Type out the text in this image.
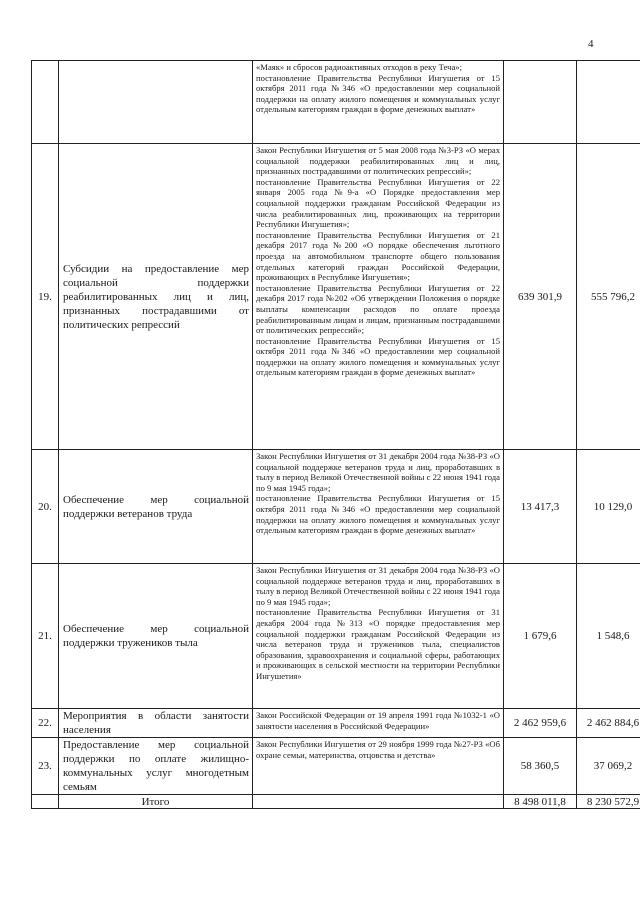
4

		«Маяк» и сбросов радиоактивных отходов в реку Теча»;
постановление Правительства Республики Ингушетия от 15 октября 2011 года №346 «О предоставлении мер социальной поддержки на оплату жилого помещения и коммунальных услуг отдельным категориям граждан в форме денежных выплат»		

19.	Субсидии на предоставление мер социальной поддержки реабилитированных лиц и лиц, признанных пострадавшими от политических репрессий	Закон Республики Ингушетия от 5 мая 2008 года №3-РЗ «О мерах социальной поддержки реабилитированных лиц и лиц, признанных пострадавшими от политических репрессий»;
постановление Правительства Республики Ингушетия от 22 января 2005 года №9-а «О Порядке предоставления мер социальной поддержки гражданам Российской Федерации из числа реабилитированных лиц, проживающих на территории Республики Ингушетия»;
постановление Правительства Республики Ингушетия от 21 декабря 2017 года №200 «О порядке обеспечения льготного проезда на автомобильном транспорте общего пользования отдельных категорий граждан Российской Федерации, проживающих в Республике Ингушетия»;
постановление Правительства Республики Ингушетия от 22 декабря 2017 года №202 «Об утверждении Положения о порядке выплаты компенсации расходов по оплате проезда реабилитированным лицам и лицам, признанным пострадавшими от политических репрессий»;
постановление Правительства Республики Ингушетия от 15 октября 2011 года №346 «О предоставлении мер социальной поддержки на оплату жилого помещения и коммунальных услуг отдельным категориям граждан в форме денежных выплат»	639 301,9	555 796,2
20.	Обеспечение мер социальной поддержки ветеранов труда	Закон Республики Ингушетия от 31 декабря 2004 года №38-РЗ «О социальной поддержке ветеранов труда и лиц, проработавших в тылу в период Великой Отечественной войны с 22 июня 1941 года по 9 мая 1945 года»;
постановление Правительства Республики Ингушетия от 15 октября 2011 года №346 «О предоставлении мер социальной поддержки на оплату жилого помещения и коммунальных услуг отдельным категориям граждан в форме денежных выплат»	13 417,3	10 129,0
21.	Обеспечение мер социальной поддержки тружеников тыла	Закон Республики Ингушетия от 31 декабря 2004 года №38-РЗ «О социальной поддержке ветеранов труда и лиц, проработавших в тылу в период Великой Отечественной войны с 22 июня 1941 года по 9 мая 1945 года»;
постановление Правительства Республики Ингушетия от 31 декабря 2004 года №313 «О порядке предоставления мер социальной поддержки гражданам Российской Федерации из числа ветеранов труда и тружеников тыла, специалистов образования, здравоохранения и социальной сферы, работающих и проживающих в сельской местности на территории Республики Ингушетия»	1 679,6	1 548,6
22.	Мероприятия в области занятости населения	Закон Российской Федерации от 19 апреля 1991 года №1032-1 «О занятости населения в Российской Федерации»	2 462 959,6	2 462 884,6
23.	Предоставление мер социальной поддержки по оплате жилищно-коммунальных услуг многодетным семьям	Закон Республики Ингушетия от 29 ноября 1999 года №27-РЗ «Об охране семьи, материнства, отцовства и детства»	58 360,5	37 069,2
	Итого		8 498 011,8	8 230 572,9
